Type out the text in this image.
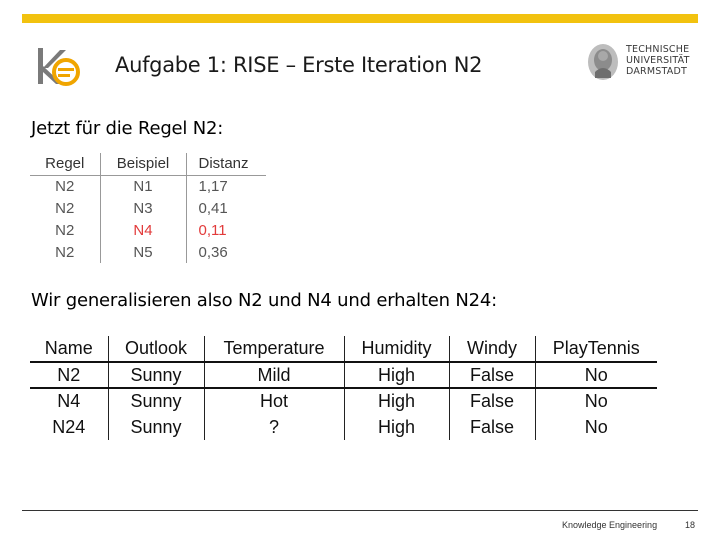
Aufgabe 1: RISE – Erste Iteration N2
TECHNISCHE
UNIVERSITÄT
DARMSTADT
Jetzt für die Regel N2:
Regel	Beispiel	Distanz
N2	N1	1,17
N2	N3	0,41
N2	N4	0,11
N2	N5	0,36
Wir generalisieren also N2 und N4 und erhalten N24:
Name	Outlook	Temperature	Humidity	Windy	PlayTennis
N2	Sunny	Mild	High	False	No
N4	Sunny	Hot	High	False	No
N24	Sunny	?	High	False	No
Knowledge Engineering	18
